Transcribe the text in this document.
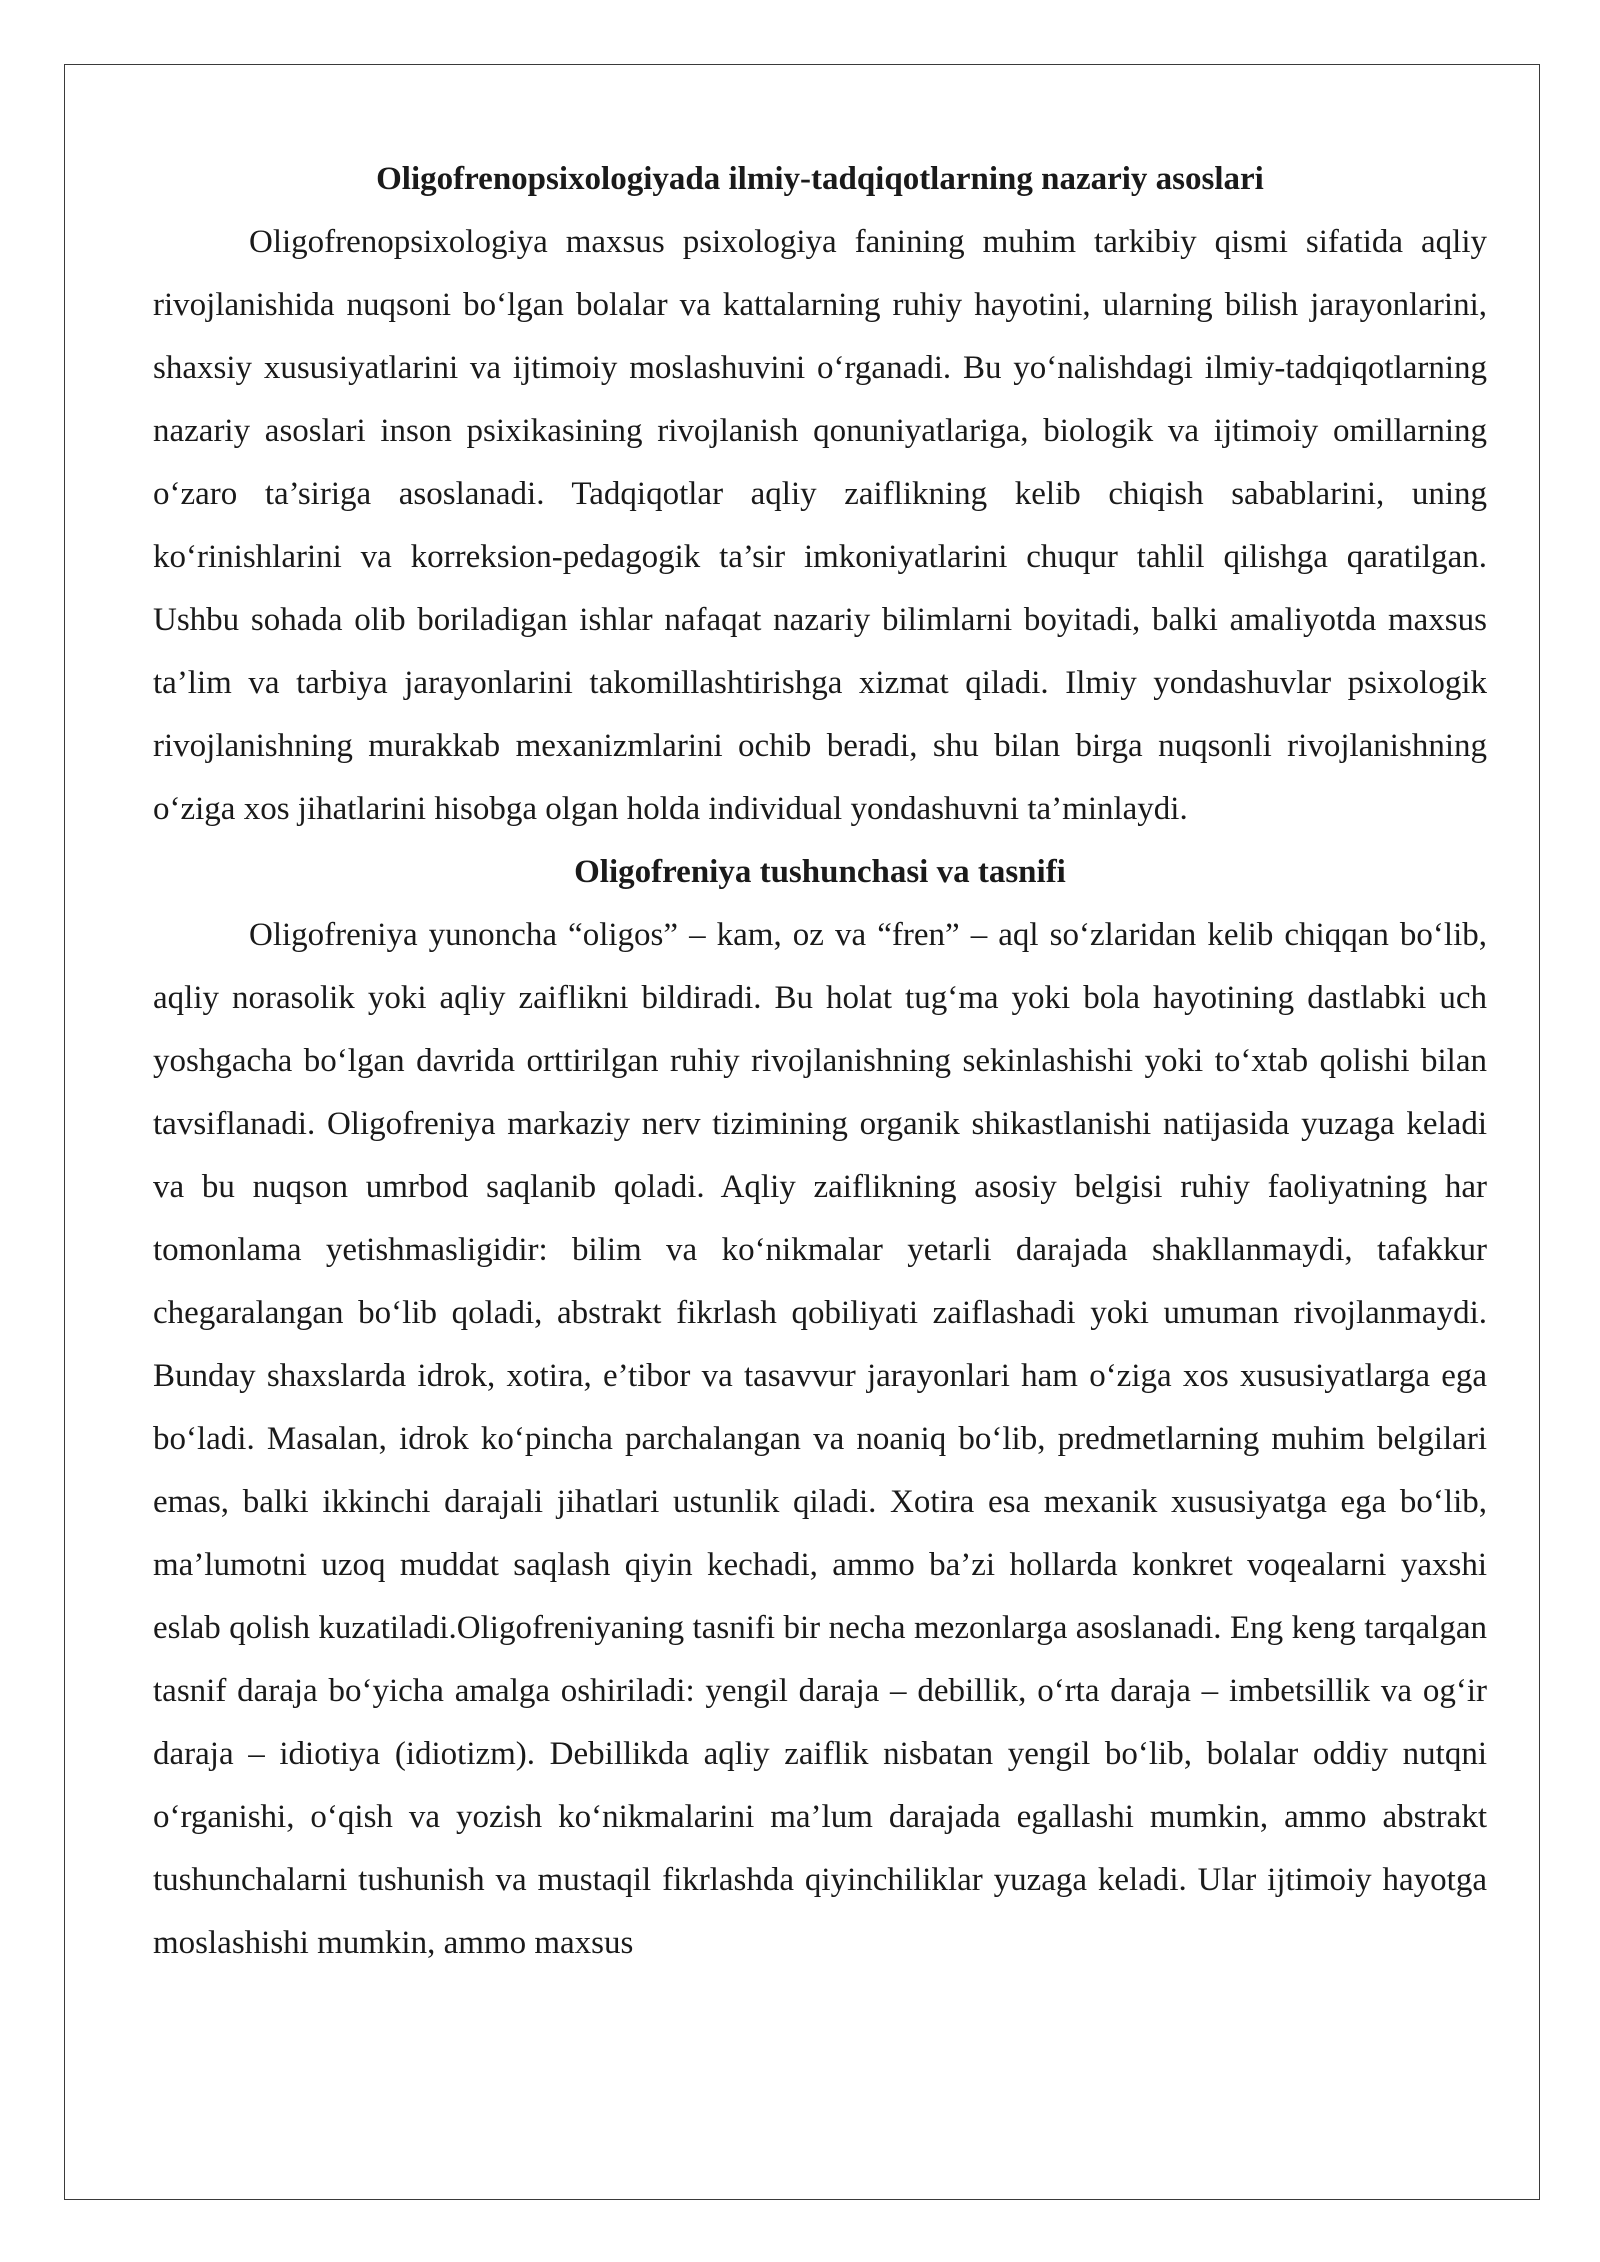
Oligofrenopsixologiyada ilmiy-tadqiqotlarning nazariy asoslari

Oligofrenopsixologiya maxsus psixologiya fanining muhim tarkibiy qismi sifatida aqliy rivojlanishida nuqsoni bo‘lgan bolalar va kattalarning ruhiy hayotini, ularning bilish jarayonlarini, shaxsiy xususiyatlarini va ijtimoiy moslashuvini o‘rganadi. Bu yo‘nalishdagi ilmiy-tadqiqotlarning nazariy asoslari inson psixikasining rivojlanish qonuniyatlariga, biologik va ijtimoiy omillarning o‘zaro ta’siriga asoslanadi. Tadqiqotlar aqliy zaiflikning kelib chiqish sabablarini, uning ko‘rinishlarini va korreksion-pedagogik ta’sir imkoniyatlarini chuqur tahlil qilishga qaratilgan. Ushbu sohada olib boriladigan ishlar nafaqat nazariy bilimlarni boyitadi, balki amaliyotda maxsus ta’lim va tarbiya jarayonlarini takomillashtirishga xizmat qiladi. Ilmiy yondashuvlar psixologik rivojlanishning murakkab mexanizmlarini ochib beradi, shu bilan birga nuqsonli rivojlanishning o‘ziga xos jihatlarini hisobga olgan holda individual yondashuvni ta’minlaydi.

Oligofreniya tushunchasi va tasnifi

Oligofreniya yunoncha “oligos” – kam, oz va “fren” – aql so‘zlaridan kelib chiqqan bo‘lib, aqliy norasolik yoki aqliy zaiflikni bildiradi. Bu holat tug‘ma yoki bola hayotining dastlabki uch yoshgacha bo‘lgan davrida orttirilgan ruhiy rivojlanishning sekinlashishi yoki to‘xtab qolishi bilan tavsiflanadi. Oligofreniya markaziy nerv tizimining organik shikastlanishi natijasida yuzaga keladi va bu nuqson umrbod saqlanib qoladi. Aqliy zaiflikning asosiy belgisi ruhiy faoliyatning har tomonlama yetishmasligidir: bilim va ko‘nikmalar yetarli darajada shakllanmaydi, tafakkur chegaralangan bo‘lib qoladi, abstrakt fikrlash qobiliyati zaiflashadi yoki umuman rivojlanmaydi. Bunday shaxslarda idrok, xotira, e’tibor va tasavvur jarayonlari ham o‘ziga xos xususiyatlarga ega bo‘ladi. Masalan, idrok ko‘pincha parchalangan va noaniq bo‘lib, predmetlarning muhim belgilari emas, balki ikkinchi darajali jihatlari ustunlik qiladi. Xotira esa mexanik xususiyatga ega bo‘lib, ma’lumotni uzoq muddat saqlash qiyin kechadi, ammo ba’zi hollarda konkret voqealarni yaxshi eslab qolish kuzatiladi.Oligofreniyaning tasnifi bir necha mezonlarga asoslanadi. Eng keng tarqalgan tasnif daraja bo‘yicha amalga oshiriladi: yengil daraja – debillik, o‘rta daraja – imbetsillik va og‘ir daraja – idiotiya (idiotizm). Debillikda aqliy zaiflik nisbatan yengil bo‘lib, bolalar oddiy nutqni o‘rganishi, o‘qish va yozish ko‘nikmalarini ma’lum darajada egallashi mumkin, ammo abstrakt tushunchalarni tushunish va mustaqil fikrlashda qiyinchiliklar yuzaga keladi. Ular ijtimoiy hayotga moslashishi mumkin, ammo maxsus
